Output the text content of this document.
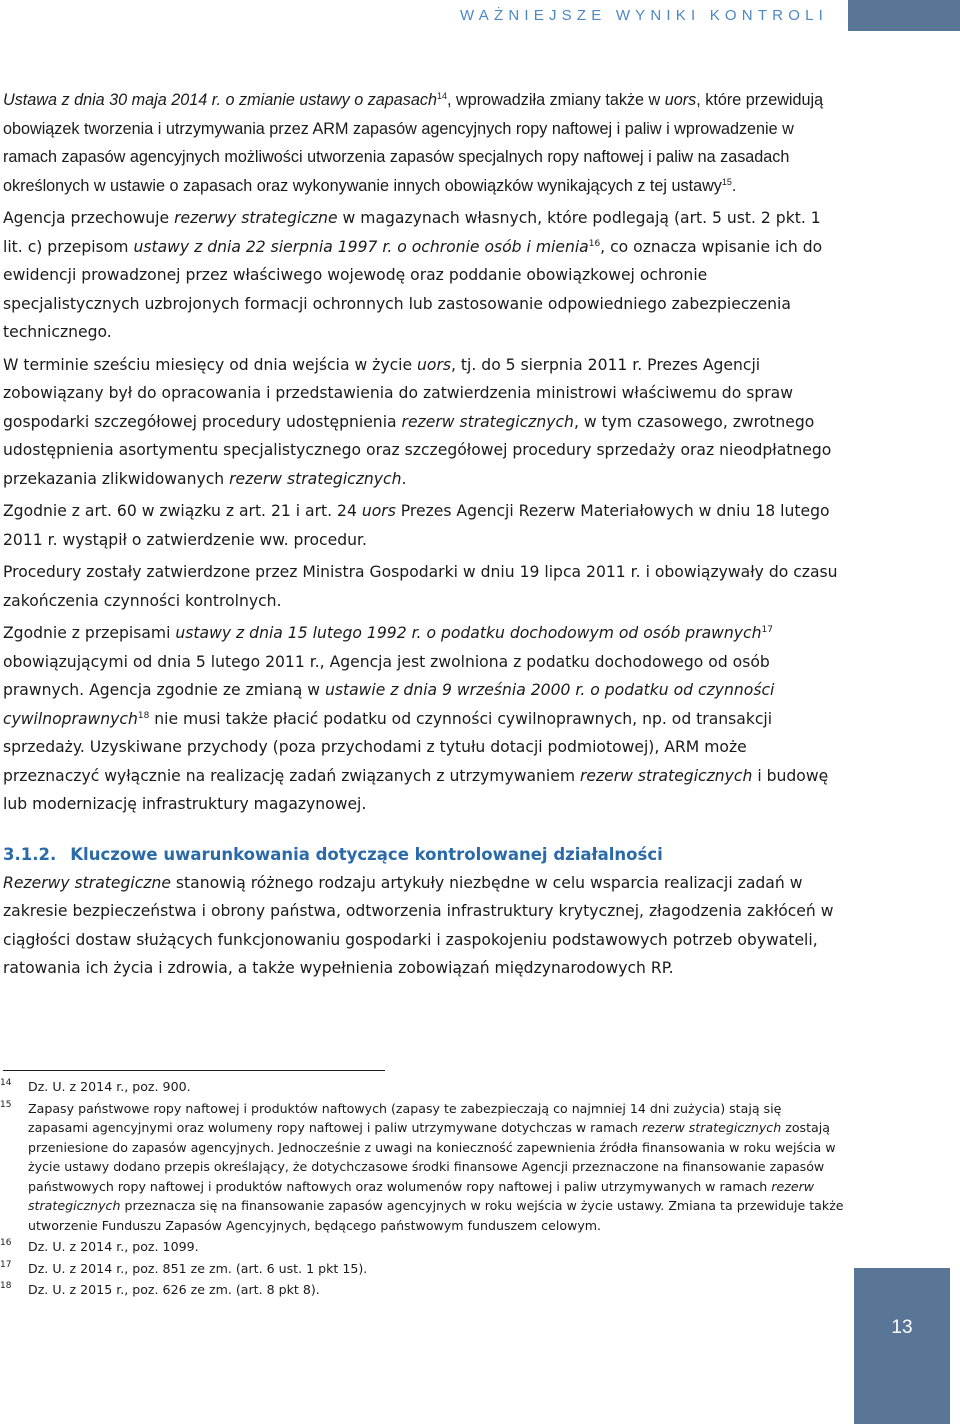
WAŻNIEJSZE WYNIKI KONTROLI

Ustawa z dnia 30 maja 2014 r. o zmianie ustawy o zapasach$^{14}$, wprowadziła zmiany także w uors, które przewidują obowiązek tworzenia i utrzymywania przez ARM zapasów agencyjnych ropy naftowej i paliw i wprowadzenie w ramach zapasów agencyjnych możliwości utworzenia zapasów specjalnych ropy naftowej i paliw na zasadach określonych w ustawie o zapasach oraz wykonywanie innych obowiązków wynikających z tej ustawy$^{15}$.

Agencja przechowuje rezerwy strategiczne w magazynach własnych, które podlegają (art. 5 ust. 2 pkt. 1 lit. c) przepisom ustawy z dnia 22 sierpnia 1997 r. o ochronie osób i mienia$^{16}$, co oznacza wpisanie ich do ewidencji prowadzonej przez właściwego wojewodę oraz poddanie obowiązkowej ochronie specjalistycznych uzbrojonych formacji ochronnych lub zastosowanie odpowiedniego zabezpieczenia technicznego.

W terminie sześciu miesięcy od dnia wejścia w życie uors, tj. do 5 sierpnia 2011 r. Prezes Agencji zobowiązany był do opracowania i przedstawienia do zatwierdzenia ministrowi właściwemu do spraw gospodarki szczegółowej procedury udostępnienia rezerw strategicznych, w tym czasowego, zwrotnego udostępnienia asortymentu specjalistycznego oraz szczegółowej procedury sprzedaży oraz nieodpłatnego przekazania zlikwidowanych rezerw strategicznych.

Zgodnie z art. 60 w związku z art. 21 i art. 24 uors Prezes Agencji Rezerw Materiałowych w dniu 18 lutego 2011 r. wystąpił o zatwierdzenie ww. procedur.

Procedury zostały zatwierdzone przez Ministra Gospodarki w dniu 19 lipca 2011 r. i obowiązywały do czasu zakończenia czynności kontrolnych.

Zgodnie z przepisami ustawy z dnia 15 lutego 1992 r. o podatku dochodowym od osób prawnych$^{17}$ obowiązującymi od dnia 5 lutego 2011 r., Agencja jest zwolniona z podatku dochodowego od osób prawnych. Agencja zgodnie ze zmianą w ustawie z dnia 9 września 2000 r. o podatku od czynności cywilnoprawnych$^{18}$ nie musi także płacić podatku od czynności cywilnoprawnych, np. od transakcji sprzedaży. Uzyskiwane przychody (poza przychodami z tytułu dotacji podmiotowej), ARM może przeznaczyć wyłącznie na realizację zadań związanych z utrzymywaniem rezerw strategicznych i budowę lub modernizację infrastruktury magazynowej.

3.1.2. Kluczowe uwarunkowania dotyczące kontrolowanej działalności

Rezerwy strategiczne stanowią różnego rodzaju artykuły niezbędne w celu wsparcia realizacji zadań w zakresie bezpieczeństwa i obrony państwa, odtworzenia infrastruktury krytycznej, złagodzenia zakłóceń w ciągłości dostaw służących funkcjonowaniu gospodarki i zaspokojeniu podstawowych potrzeb obywateli, ratowania ich życia i zdrowia, a także wypełnienia zobowiązań międzynarodowych RP.

14 Dz. U. z 2014 r., poz. 900.
15 Zapasy państwowe ropy naftowej i produktów naftowych (zapasy te zabezpieczają co najmniej 14 dni zużycia) stają się zapasami agencyjnymi oraz wolumeny ropy naftowej i paliw utrzymywane dotychczas w ramach rezerw strategicznych zostają przeniesione do zapasów agencyjnych. Jednocześnie z uwagi na konieczność zapewnienia źródła finansowania w roku wejścia w życie ustawy dodano przepis określający, że dotychczasowe środki finansowe Agencji przeznaczone na finansowanie zapasów państwowych ropy naftowej i produktów naftowych oraz wolumenów ropy naftowej i paliw utrzymywanych w ramach rezerw strategicznych przeznacza się na finansowanie zapasów agencyjnych w roku wejścia w życie ustawy. Zmiana ta przewiduje także utworzenie Funduszu Zapasów Agencyjnych, będącego państwowym funduszem celowym.
16 Dz. U. z 2014 r., poz. 1099.
17 Dz. U. z 2014 r., poz. 851 ze zm. (art. 6 ust. 1 pkt 15).
18 Dz. U. z 2015 r., poz. 626 ze zm. (art. 8 pkt 8).
13
